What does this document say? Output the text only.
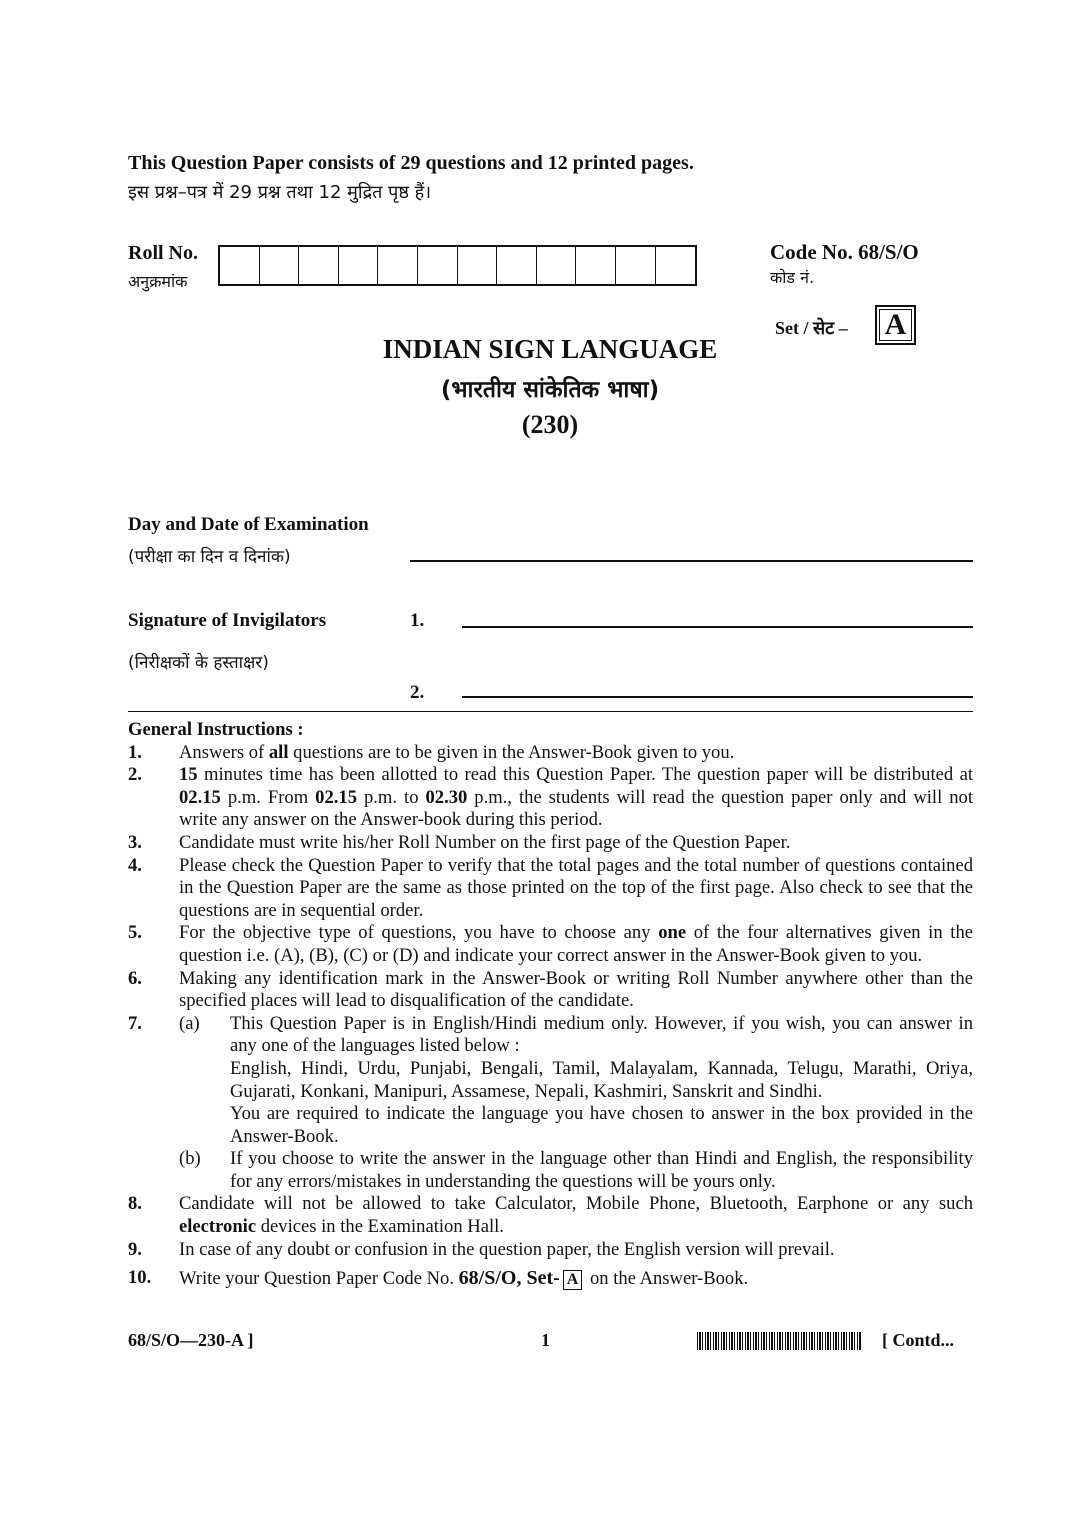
This Question Paper consists of 29 questions and 12 printed pages.
इस प्रश्न–पत्र में 29 प्रश्न तथा 12 मुद्रित पृष्ठ हैं।
Roll No.
अनुक्रमांक
Code No. 68/S/O
कोड नं.
Set / सेट – A
INDIAN SIGN LANGUAGE
(भारतीय सांकेतिक भाषा)
(230)
Day and Date of Examination
(परीक्षा का दिन व दिनांक)
Signature of Invigilators	1.
(निरीक्षकों के हस्ताक्षर)
2.
General Instructions :
1.	Answers of all questions are to be given in the Answer-Book given to you.
2.	15 minutes time has been allotted to read this Question Paper. The question paper will be distributed at 02.15 p.m. From 02.15 p.m. to 02.30 p.m., the students will read the question paper only and will not write any answer on the Answer-book during this period.
3.	Candidate must write his/her Roll Number on the first page of the Question Paper.
4.	Please check the Question Paper to verify that the total pages and the total number of questions contained in the Question Paper are the same as those printed on the top of the first page. Also check to see that the questions are in sequential order.
5.	For the objective type of questions, you have to choose any one of the four alternatives given in the question i.e. (A), (B), (C) or (D) and indicate your correct answer in the Answer-Book given to you.
6.	Making any identification mark in the Answer-Book or writing Roll Number anywhere other than the specified places will lead to disqualification of the candidate.
7.	(a)	This Question Paper is in English/Hindi medium only. However, if you wish, you can answer in any one of the languages listed below :
English, Hindi, Urdu, Punjabi, Bengali, Tamil, Malayalam, Kannada, Telugu, Marathi, Oriya, Gujarati, Konkani, Manipuri, Assamese, Nepali, Kashmiri, Sanskrit and Sindhi.
You are required to indicate the language you have chosen to answer in the box provided in the Answer-Book.
(b)	If you choose to write the answer in the language other than Hindi and English, the responsibility for any errors/mistakes in understanding the questions will be yours only.
8.	Candidate will not be allowed to take Calculator, Mobile Phone, Bluetooth, Earphone or any such electronic devices in the Examination Hall.
9.	In case of any doubt or confusion in the question paper, the English version will prevail.
10.	Write your Question Paper Code No. 68/S/O, Set- A on the Answer-Book.
68/S/O—230-A ]	1	[ Contd...
